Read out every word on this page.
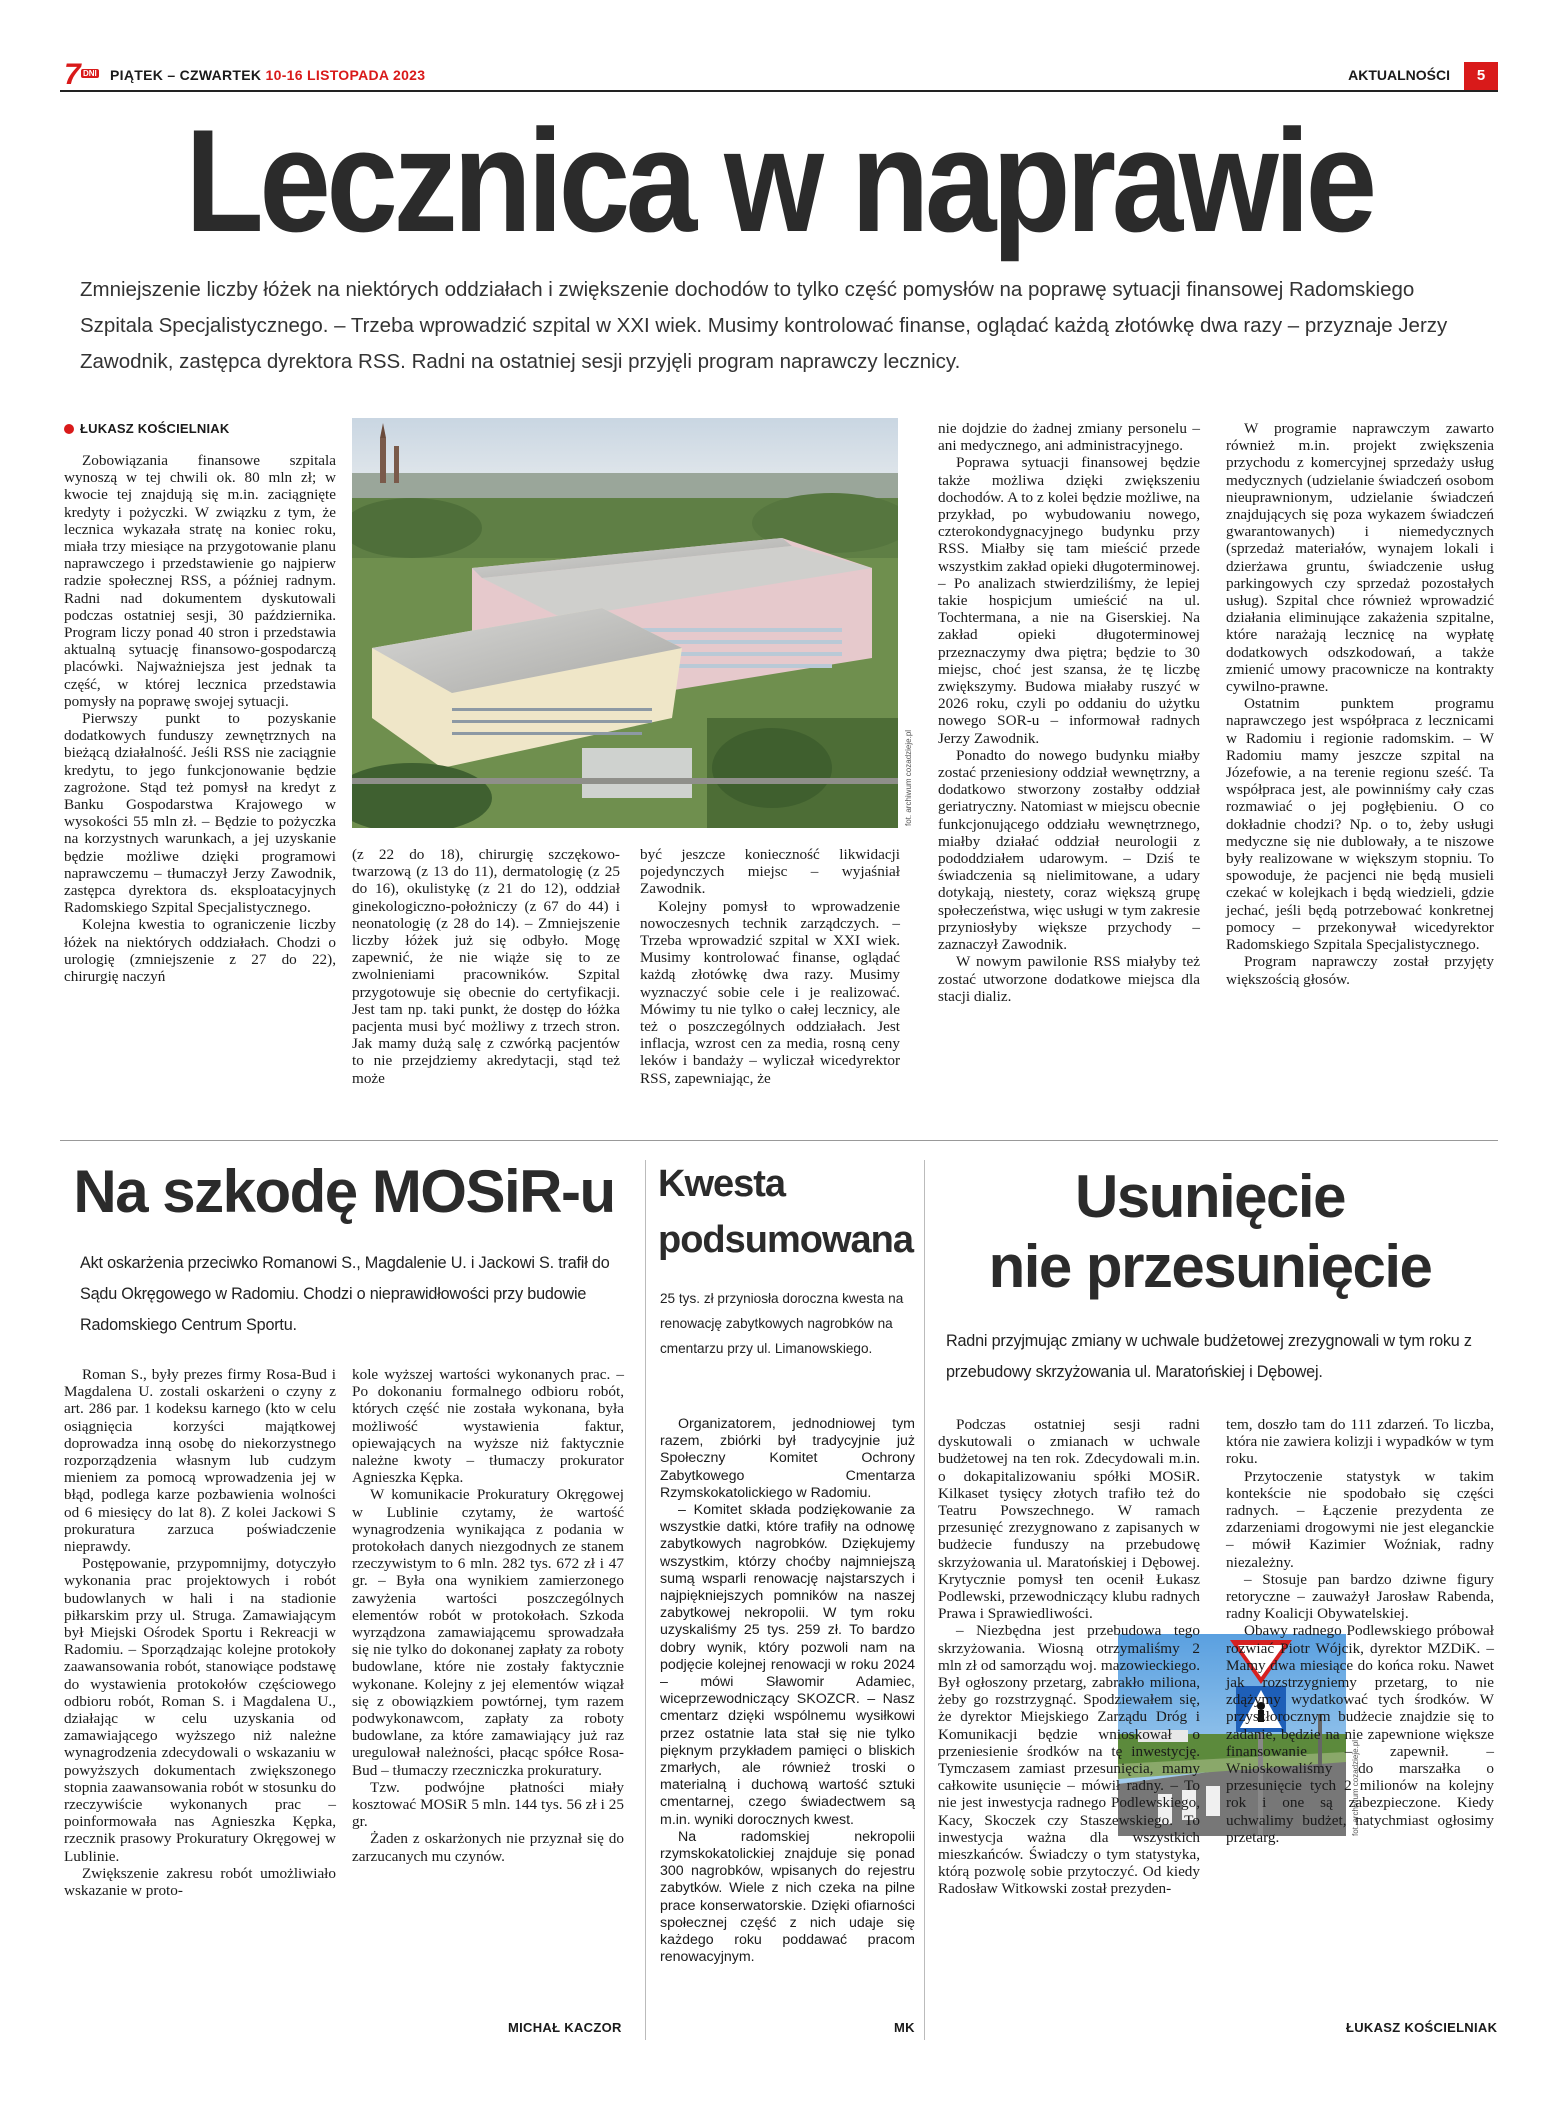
7 DNI PIĄTEK – CZWARTEK 10-16 LISTOPADA 2023	AKTUALNOŚCI	5
Lecznica w naprawie
Zmniejszenie liczby łóżek na niektórych oddziałach i zwiększenie dochodów to tylko część pomysłów na poprawę sytuacji finansowej Radomskiego Szpitala Specjalistycznego. – Trzeba wprowadzić szpital w XXI wiek. Musimy kontrolować finanse, oglądać każdą złotówkę dwa razy – przyznaje Jerzy Zawodnik, zastępca dyrektora RSS. Radni na ostatniej sesji przyjęli program naprawczy lecznicy.
ŁUKASZ KOŚCIELNIAK
fot. archiwum cozadzieje.pl

Zobowiązania finansowe szpitala wynoszą w tej chwili ok. 80 mln zł; w kwocie tej znajdują się m.in. zaciągnięte kredyty i pożyczki. W związku z tym, że lecznica wykazała stratę na koniec roku, miała trzy miesiące na przygotowanie planu naprawczego i przedstawienie go najpierw radzie społecznej RSS, a później radnym. Radni nad dokumentem dyskutowali podczas ostatniej sesji, 30 października. Program liczy ponad 40 stron i przedstawia aktualną sytuację finansowo-gospodarczą placówki. Najważniejsza jest jednak ta część, w której lecznica przedstawia pomysły na poprawę swojej sytuacji.

Pierwszy punkt to pozyskanie dodatkowych funduszy zewnętrznych na bieżącą działalność. Jeśli RSS nie zaciągnie kredytu, to jego funkcjonowanie będzie zagrożone. Stąd też pomysł na kredyt z Banku Gospodarstwa Krajowego w wysokości 55 mln zł. – Będzie to pożyczka na korzystnych warunkach, a jej uzyskanie będzie możliwe dzięki programowi naprawczemu – tłumaczył Jerzy Zawodnik, zastępca dyrektora ds. eksploatacyjnych Radomskiego Szpital Specjalistycznego.

Kolejna kwestia to ograniczenie liczby łóżek na niektórych oddziałach. Chodzi o urologię (zmniejszenie z 27 do 22), chirurgię naczyń

(z 22 do 18), chirurgię szczękowo-twarzową (z 13 do 11), dermatologię (z 25 do 16), okulistykę (z 21 do 12), oddział ginekologiczno-położniczy (z 67 do 44) i neonatologię (z 28 do 14). – Zmniejszenie liczby łóżek już się odbyło. Mogę zapewnić, że nie wiąże się to ze zwolnieniami pracowników. Szpital przygotowuje się obecnie do certyfikacji. Jest tam np. taki punkt, że dostęp do łóżka pacjenta musi być możliwy z trzech stron. Jak mamy dużą salę z czwórką pacjentów to nie przejdziemy akredytacji, stąd też może

być jeszcze konieczność likwidacji pojedynczych miejsc – wyjaśniał Zawodnik.

Kolejny pomysł to wprowadzenie nowoczesnych technik zarządczych. – Trzeba wprowadzić szpital w XXI wiek. Musimy kontrolować finanse, oglądać każdą złotówkę dwa razy. Musimy wyznaczyć sobie cele i je realizować. Mówimy tu nie tylko o całej lecznicy, ale też o poszczególnych oddziałach. Jest inflacja, wzrost cen za media, rosną ceny leków i bandaży – wyliczał wicedyrektor RSS, zapewniając, że

nie dojdzie do żadnej zmiany personelu – ani medycznego, ani administracyjnego.

Poprawa sytuacji finansowej będzie także możliwa dzięki zwiększeniu dochodów. A to z kolei będzie możliwe, na przykład, po wybudowaniu nowego, czterokondygnacyjnego budynku przy RSS. Miałby się tam mieścić przede wszystkim zakład opieki długoterminowej. – Po analizach stwierdziliśmy, że lepiej takie hospicjum umieścić na ul. Tochtermana, a nie na Giserskiej. Na zakład opieki długoterminowej przeznaczymy dwa piętra; będzie to 30 miejsc, choć jest szansa, że tę liczbę zwiększymy. Budowa miałaby ruszyć w 2026 roku, czyli po oddaniu do użytku nowego SOR-u – informował radnych Jerzy Zawodnik.

Ponadto do nowego budynku miałby zostać przeniesiony oddział wewnętrzny, a dodatkowo stworzony zostałby oddział geriatryczny. Natomiast w miejscu obecnie funkcjonującego oddziału wewnętrznego, miałby działać oddział neurologii z pododdziałem udarowym. – Dziś te świadczenia są nielimitowane, a udary dotykają, niestety, coraz większą grupę społeczeństwa, więc usługi w tym zakresie przyniosłyby większe przychody – zaznaczył Zawodnik.

W nowym pawilonie RSS miałyby też zostać utworzone dodatkowe miejsca dla stacji dializ.

W programie naprawczym zawarto również m.in. projekt zwiększenia przychodu z komercyjnej sprzedaży usług medycznych (udzielanie świadczeń osobom nieuprawnionym, udzielanie świadczeń znajdujących się poza wykazem świadczeń gwarantowanych) i niemedycznych (sprzedaż materiałów, wynajem lokali i dzierżawa gruntu, świadczenie usług parkingowych czy sprzedaż pozostałych usług). Szpital chce również wprowadzić działania eliminujące zakażenia szpitalne, które narażają lecznicę na wypłatę dodatkowych odszkodowań, a także zmienić umowy pracownicze na kontrakty cywilno-prawne.

Ostatnim punktem programu naprawczego jest współpraca z lecznicami w Radomiu i regionie radomskim. – W Radomiu mamy jeszcze szpital na Józefowie, a na terenie regionu sześć. Ta współpraca jest, ale powinniśmy cały czas rozmawiać o jej pogłębieniu. O co dokładnie chodzi? Np. o to, żeby usługi medyczne się nie dublowały, a te niszowe były realizowane w większym stopniu. To spowoduje, że pacjenci nie będą musieli czekać w kolejkach i będą wiedzieli, gdzie jechać, jeśli będą potrzebować konkretnej pomocy – przekonywał wicedyrektor Radomskiego Szpitala Specjalistycznego.

Program naprawczy został przyjęty większością głosów.

Na szkodę MOSiR-u
Akt oskarżenia przeciwko Romanowi S., Magdalenie U. i Jackowi S. trafił do Sądu Okręgowego w Radomiu. Chodzi o nieprawidłowości przy budowie Radomskiego Centrum Sportu.

Roman S., były prezes firmy Rosa-Bud i Magdalena U. zostali oskarżeni o czyny z art. 286 par. 1 kodeksu karnego (kto w celu osiągnięcia korzyści majątkowej doprowadza inną osobę do niekorzystnego rozporządzenia własnym lub cudzym mieniem za pomocą wprowadzenia jej w błąd, podlega karze pozbawienia wolności od 6 miesięcy do lat 8). Z kolei Jackowi S prokuratura zarzuca poświadczenie nieprawdy.

Postępowanie, przypomnijmy, dotyczyło wykonania prac projektowych i robót budowlanych w hali i na stadionie piłkarskim przy ul. Struga. Zamawiającym był Miejski Ośrodek Sportu i Rekreacji w Radomiu. – Sporządzając kolejne protokoły zaawansowania robót, stanowiące podstawę do wystawienia protokołów częściowego odbioru robót, Roman S. i Magdalena U., działając w celu uzyskania od zamawiającego wyższego niż należne wynagrodzenia zdecydowali o wskazaniu w powyższych dokumentach zwiększonego stopnia zaawansowania robót w stosunku do rzeczywiście wykonanych prac – poinformowała nas Agnieszka Kępka, rzecznik prasowy Prokuratury Okręgowej w Lublinie.

Zwiększenie zakresu robót umożliwiało wskazanie w proto-

kole wyższej wartości wykonanych prac. – Po dokonaniu formalnego odbioru robót, których część nie została wykonana, była możliwość wystawienia faktur, opiewających na wyższe niż faktycznie należne kwoty – tłumaczy prokurator Agnieszka Kępka.

W komunikacie Prokuratury Okręgowej w Lublinie czytamy, że wartość wynagrodzenia wynikająca z podania w protokołach danych niezgodnych ze stanem rzeczywistym to 6 mln. 282 tys. 672 zł i 47 gr. – Była ona wynikiem zamierzonego zawyżenia wartości poszczególnych elementów robót w protokołach. Szkoda wyrządzona zamawiającemu sprowadzała się nie tylko do dokonanej zapłaty za roboty budowlane, które nie zostały faktycznie wykonane. Kolejny z jej elementów wiązał się z obowiązkiem powtórnej, tym razem podwykonawcom, zapłaty za roboty budowlane, za które zamawiający już raz uregulował należności, płacąc spółce Rosa-Bud – tłumaczy rzeczniczka prokuratury.

Tzw. podwójne płatności miały kosztować MOSiR 5 mln. 144 tys. 56 zł i 25 gr.

Żaden z oskarżonych nie przyznał się do zarzucanych mu czynów.

MICHAŁ KACZOR
Kwesta
podsumowana
25 tys. zł przyniosła doroczna kwesta na renowację zabytkowych nagrobków na cmentarzu przy ul. Limanowskiego.

Organizatorem, jednodniowej tym razem, zbiórki był tradycyjnie już Społeczny Komitet Ochrony Zabytkowego Cmentarza Rzymskokatolickiego w Radomiu.

– Komitet składa podziękowanie za wszystkie datki, które trafiły na odnowę zabytkowych nagrobków. Dziękujemy wszystkim, którzy choćby najmniejszą sumą wsparli renowację najstarszych i najpiękniejszych pomników na naszej zabytkowej nekropolii. W tym roku uzyskaliśmy 25 tys. 259 zł. To bardzo dobry wynik, który pozwoli nam na podjęcie kolejnej renowacji w roku 2024 – mówi Sławomir Adamiec, wiceprzewodniczący SKOZCR. – Nasz cmentarz dzięki wspólnemu wysiłkowi przez ostatnie lata stał się nie tylko pięknym przykładem pamięci o bliskich zmarłych, ale również troski o materialną i duchową wartość sztuki cmentarnej, czego świadectwem są m.in. wyniki dorocznych kwest.

Na radomskiej nekropolii rzymskokatolickiej znajduje się ponad 300 nagrobków, wpisanych do rejestru zabytków. Wiele z nich czeka na pilne prace konserwatorskie. Dzięki ofiarności społecznej część z nich udaje się każdego roku poddawać pracom renowacyjnym.

MK
Usunięcie
nie przesunięcie
Radni przyjmując zmiany w uchwale budżetowej zrezygnowali w tym roku z przebudowy skrzyżowania ul. Maratońskiej i Dębowej.
fot. archiwum cozadzieje.pl

Podczas ostatniej sesji radni dyskutowali o zmianach w uchwale budżetowej na ten rok. Zdecydowali m.in. o dokapitalizowaniu spółki MOSiR. Kilkaset tysięcy złotych trafiło też do Teatru Powszechnego. W ramach przesunięć zrezygnowano z zapisanych w budżecie funduszy na przebudowę skrzyżowania ul. Maratońskiej i Dębowej. Krytycznie pomysł ten ocenił Łukasz Podlewski, przewodniczący klubu radnych Prawa i Sprawiedliwości.

– Niezbędna jest przebudowa tego skrzyżowania. Wiosną otrzymaliśmy 2 mln zł od samorządu woj. mazowieckiego. Był ogłoszony przetarg, zabrakło miliona, żeby go rozstrzygnąć. Spodziewałem się, że dyrektor Miejskiego Zarządu Dróg i Komunikacji będzie wnioskował o przeniesienie środków na tę inwestycję. Tymczasem zamiast przesunięcia, mamy całkowite usunięcie – mówił radny. – To nie jest inwestycja radnego Podlewskiego, Kacy, Skoczek czy Staszewskiego. To inwestycja ważna dla wszystkich mieszkańców. Świadczy o tym statystyka, którą pozwolę sobie przytoczyć. Od kiedy Radosław Witkowski został prezyden-

tem, doszło tam do 111 zdarzeń. To liczba, która nie zawiera kolizji i wypadków w tym roku.

Przytoczenie statystyk w takim kontekście nie spodobało się części radnych. – Łączenie prezydenta ze zdarzeniami drogowymi nie jest eleganckie – mówił Kazimier Woźniak, radny niezależny.

– Stosuje pan bardzo dziwne figury retoryczne – zauważył Jarosław Rabenda, radny Koalicji Obywatelskiej.

Obawy radnego Podlewskiego próbował rozwiać Piotr Wójcik, dyrektor MZDiK. – Mamy dwa miesiące do końca roku. Nawet jak rozstrzygniemy przetarg, to nie zdążymy wydatkować tych środków. W przyszłorocznym budżecie znajdzie się to zadanie, będzie na nie zapewnione większe finansowanie – zapewnił. – Wnioskowaliśmy do marszałka o przesunięcie tych 2 milionów na kolejny rok i one są zabezpieczone. Kiedy uchwalimy budżet, natychmiast ogłosimy przetarg.

ŁUKASZ KOŚCIELNIAK
